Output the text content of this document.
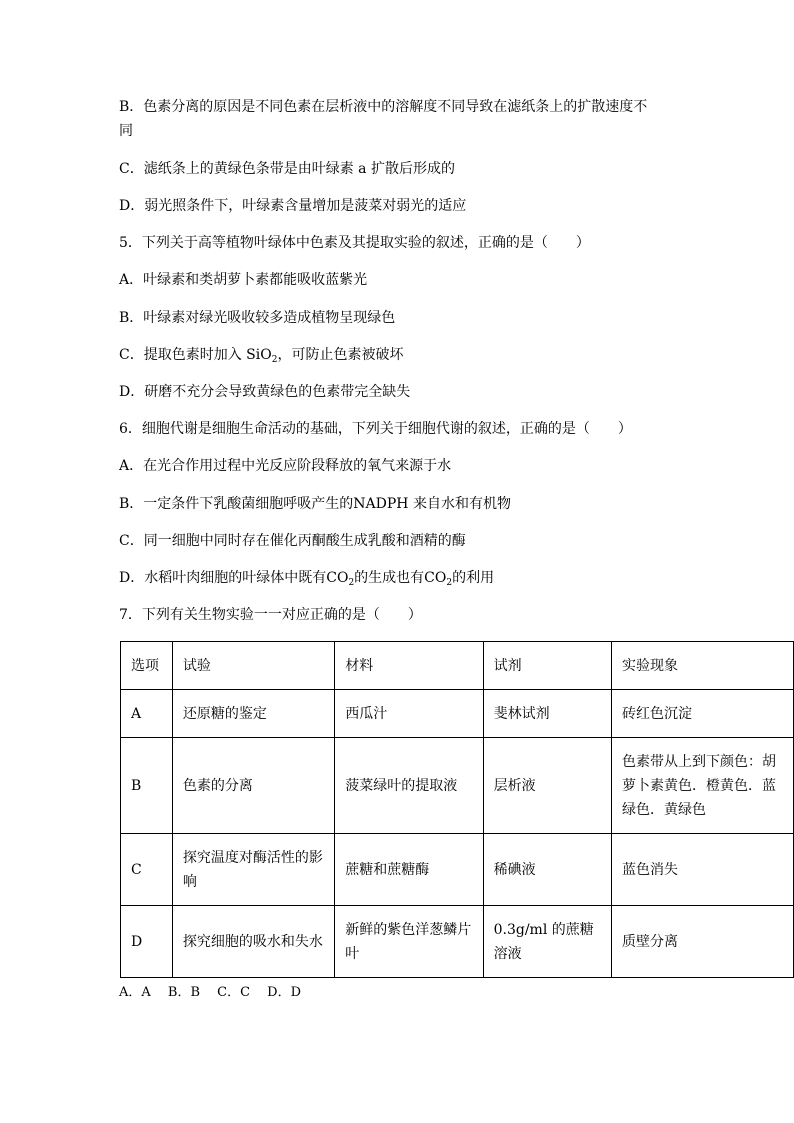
B．色素分离的原因是不同色素在层析液中的溶解度不同导致在滤纸条上的扩散速度不
同
C．滤纸条上的黄绿色条带是由叶绿素 a 扩散后形成的
D．弱光照条件下，叶绿素含量增加是菠菜对弱光的适应
5．下列关于高等植物叶绿体中色素及其提取实验的叙述，正确的是（　　）
A．叶绿素和类胡萝卜素都能吸收蓝紫光
B．叶绿素对绿光吸收较多造成植物呈现绿色
C．提取色素时加入 SiO$_2$，可防止色素被破坏
D．研磨不充分会导致黄绿色的色素带完全缺失
6．细胞代谢是细胞生命活动的基础，下列关于细胞代谢的叙述，正确的是（　　）
A．在光合作用过程中光反应阶段释放的氧气来源于水
B．一定条件下乳酸菌细胞呼吸产生的NADPH 来自水和有机物
C．同一细胞中同时存在催化丙酮酸生成乳酸和酒精的酶
D．水稻叶肉细胞的叶绿体中既有$CO_2$的生成也有$CO_2$的利用
7．下列有关生物实验一一对应正确的是（　　）
选项	试验	材料	试剂	实验现象
A	还原糖的鉴定	西瓜汁	斐林试剂	砖红色沉淀
B	色素的分离	菠菜绿叶的提取液	层析液	色素带从上到下颜色：胡萝卜素黄色．橙黄色．蓝绿色．黄绿色
C	探究温度对酶活性的影响	蔗糖和蔗糖酶	稀碘液	蓝色消失
D	探究细胞的吸水和失水	新鲜的紫色洋葱鳞片叶	0.3g/ml 的蔗糖溶液	质壁分离
A．A　 B．B　 C．C　 D．D
